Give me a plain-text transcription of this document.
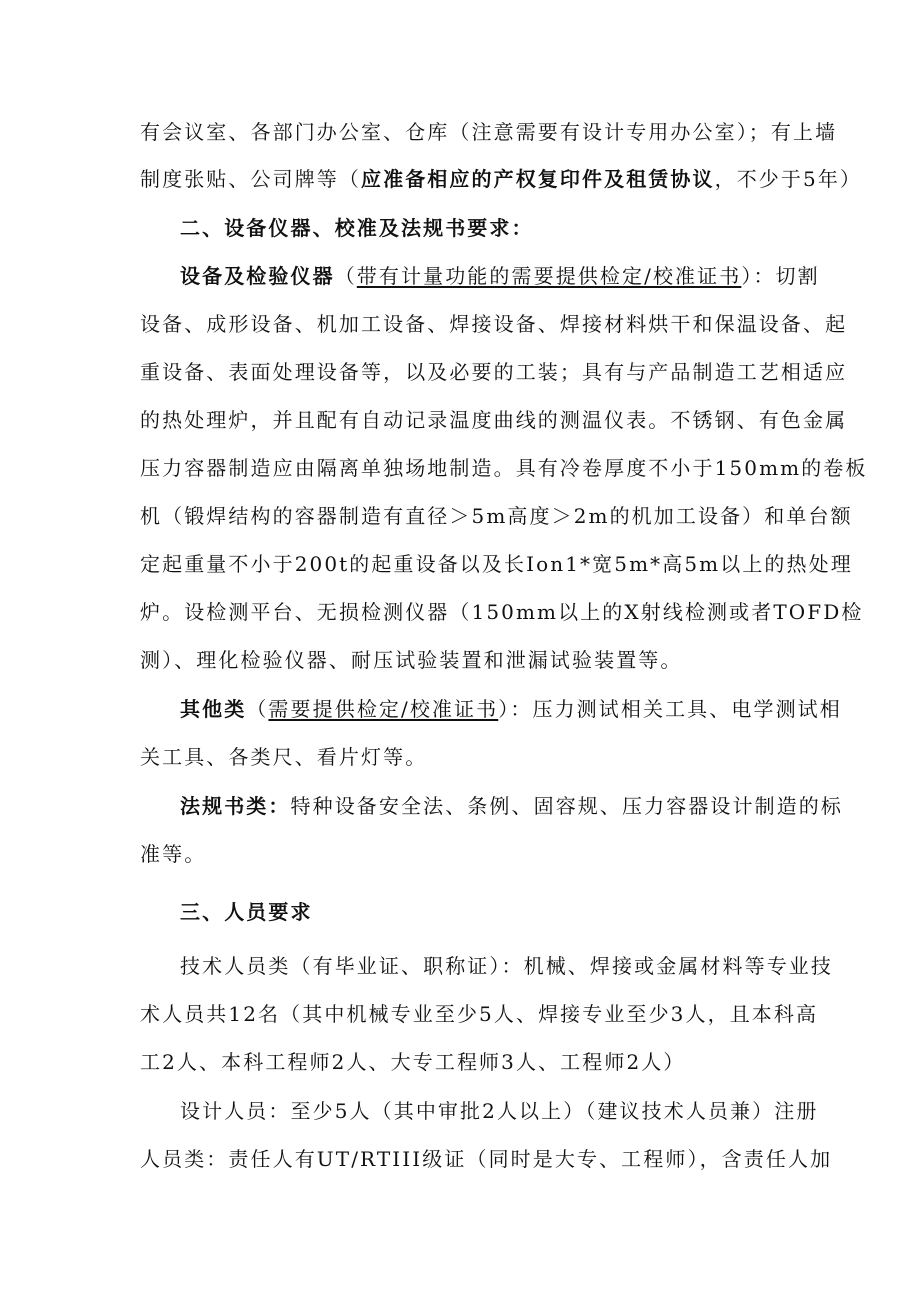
有会议室、各部门办公室、仓库（注意需要有设计专用办公室）；有上墙
制度张贴、公司牌等（应准备相应的产权复印件及租赁协议，不少于5年）
二、设备仪器、校准及法规书要求：
设备及检验仪器（带有计量功能的需要提供检定/校准证书）：切割
设备、成形设备、机加工设备、焊接设备、焊接材料烘干和保温设备、起
重设备、表面处理设备等，以及必要的工装；具有与产品制造工艺相适应
的热处理炉，并且配有自动记录温度曲线的测温仪表。不锈钢、有色金属
压力容器制造应由隔离单独场地制造。具有冷卷厚度不小于150mm的卷板
机（锻焊结构的容器制造有直径＞5m高度＞2m的机加工设备）和单台额
定起重量不小于200t的起重设备以及长Ion1*宽5m*高5m以上的热处理
炉。设检测平台、无损检测仪器（150mm以上的X射线检测或者TOFD检
测）、理化检验仪器、耐压试验装置和泄漏试验装置等。
其他类（需要提供检定/校准证书）：压力测试相关工具、电学测试相
关工具、各类尺、看片灯等。
法规书类：特种设备安全法、条例、固容规、压力容器设计制造的标
准等。
三、人员要求
技术人员类（有毕业证、职称证）：机械、焊接或金属材料等专业技
术人员共12名（其中机械专业至少5人、焊接专业至少3人，且本科高
工2人、本科工程师2人、大专工程师3人、工程师2人）
设计人员：至少5人（其中审批2人以上）（建议技术人员兼）注册
人员类：责任人有UT/RTIII级证（同时是大专、工程师），含责任人加
